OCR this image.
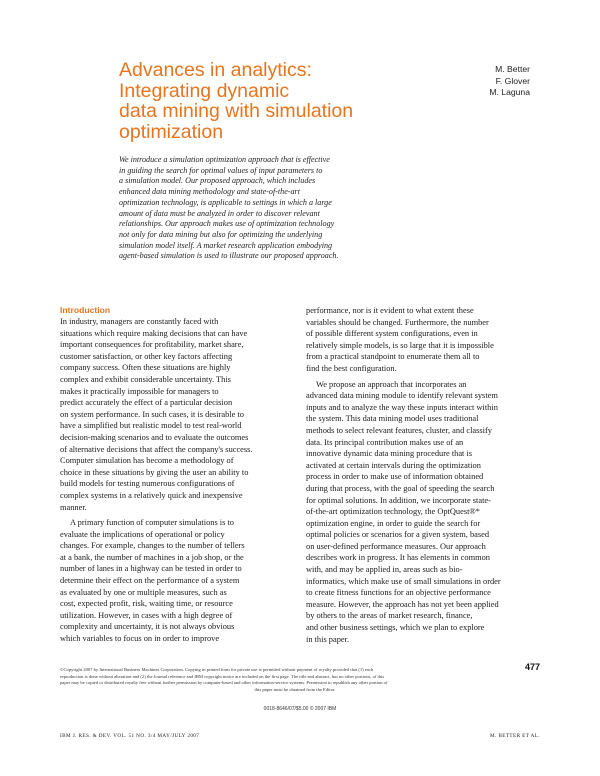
Advances in analytics:
Integrating dynamic
data mining with simulation
optimization
M. Better
F. Glover
M. Laguna
We introduce a simulation optimization approach that is effective
in guiding the search for optimal values of input parameters to
a simulation model. Our proposed approach, which includes
enhanced data mining methodology and state-of-the-art
optimization technology, is applicable to settings in which a large
amount of data must be analyzed in order to discover relevant
relationships. Our approach makes use of optimization technology
not only for data mining but also for optimizing the underlying
simulation model itself. A market research application embodying
agent-based simulation is used to illustrate our proposed approach.
Introduction
In industry, managers are constantly faced with
situations which require making decisions that can have
important consequences for profitability, market share,
customer satisfaction, or other key factors affecting
company success. Often these situations are highly
complex and exhibit considerable uncertainty. This
makes it practically impossible for managers to
predict accurately the effect of a particular decision
on system performance. In such cases, it is desirable to
have a simplified but realistic model to test real-world
decision-making scenarios and to evaluate the outcomes
of alternative decisions that affect the company's success.
Computer simulation has become a methodology of
choice in these situations by giving the user an ability to
build models for testing numerous configurations of
complex systems in a relatively quick and inexpensive
manner.
A primary function of computer simulations is to
evaluate the implications of operational or policy
changes. For example, changes to the number of tellers
at a bank, the number of machines in a job shop, or the
number of lanes in a highway can be tested in order to
determine their effect on the performance of a system
as evaluated by one or multiple measures, such as
cost, expected profit, risk, waiting time, or resource
utilization. However, in cases with a high degree of
complexity and uncertainty, it is not always obvious
which variables to focus on in order to improve
performance, nor is it evident to what extent these
variables should be changed. Furthermore, the number
of possible different system configurations, even in
relatively simple models, is so large that it is impossible
from a practical standpoint to enumerate them all to
find the best configuration.
We propose an approach that incorporates an
advanced data mining module to identify relevant system
inputs and to analyze the way these inputs interact within
the system. This data mining model uses traditional
methods to select relevant features, cluster, and classify
data. Its principal contribution makes use of an
innovative dynamic data mining procedure that is
activated at certain intervals during the optimization
process in order to make use of information obtained
during that process, with the goal of speeding the search
for optimal solutions. In addition, we incorporate state-
of-the-art optimization technology, the OptQuest®*
optimization engine, in order to guide the search for
optimal policies or scenarios for a given system, based
on user-defined performance measures. Our approach
describes work in progress. It has elements in common
with, and may be applied in, areas such as bio-
informatics, which make use of small simulations in order
to create fitness functions for an objective performance
measure. However, the approach has not yet been applied
by others to the areas of market research, finance,
and other business settings, which we plan to explore
in this paper.
©Copyright 2007 by International Business Machines Corporation. Copying in printed form for private use is permitted without payment of royalty provided that (1) each
reproduction is done without alteration and (2) the Journal reference and IBM copyright notice are included on the first page. The title and abstract, but no other portions, of this
paper may be copied or distributed royalty free without further permission by computer-based and other information-service systems. Permission to republish any other portion of
this paper must be obtained from the Editor.
0018-8646/07/$5.00 © 2007 IBM
477
IBM J. RES. & DEV. VOL. 51 NO. 3/4 MAY/JULY 2007	M. BETTER ET AL.
